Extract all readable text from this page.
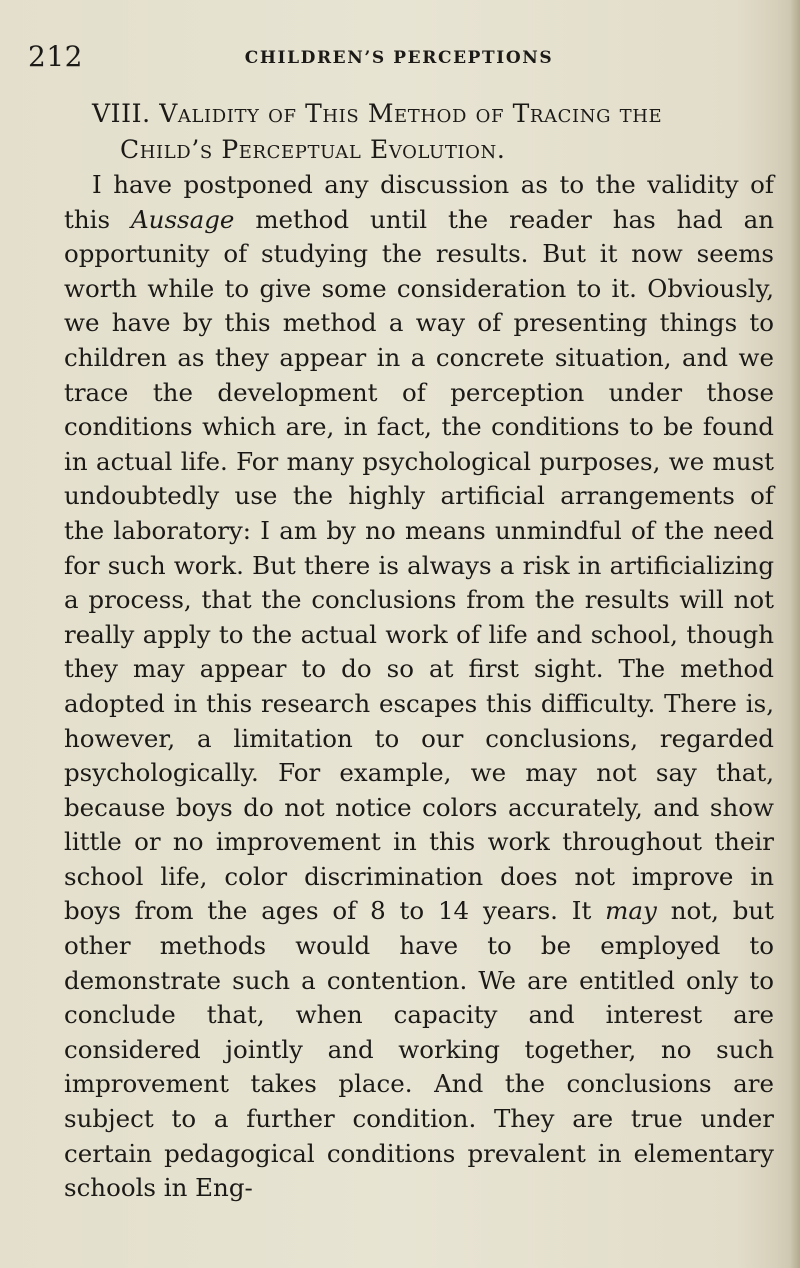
212	CHILDREN’S PERCEPTIONS
VIII. Validity of This Method of Tracing the
Child’s Perceptual Evolution.

I have postponed any discussion as to the validity of this Aussage method until the reader has had an opportunity of studying the results. But it now seems worth while to give some consideration to it. Obviously, we have by this method a way of presenting things to children as they appear in a concrete situation, and we trace the development of perception under those conditions which are, in fact, the conditions to be found in actual life. For many psychological purposes, we must undoubtedly use the highly artificial arrangements of the laboratory: I am by no means unmindful of the need for such work. But there is always a risk in artificializing a process, that the conclusions from the results will not really apply to the actual work of life and school, though they may appear to do so at first sight. The method adopted in this research escapes this difficulty. There is, however, a limitation to our conclusions, regarded psychologically. For example, we may not say that, because boys do not notice colors accurately, and show little or no improvement in this work throughout their school life, color discrimination does not improve in boys from the ages of 8 to 14 years. It may not, but other methods would have to be employed to demonstrate such a contention. We are entitled only to conclude that, when capacity and interest are considered jointly and working together, no such improvement takes place. And the conclusions are subject to a further condition. They are true under certain pedagogical conditions prevalent in elementary schools in Eng-
